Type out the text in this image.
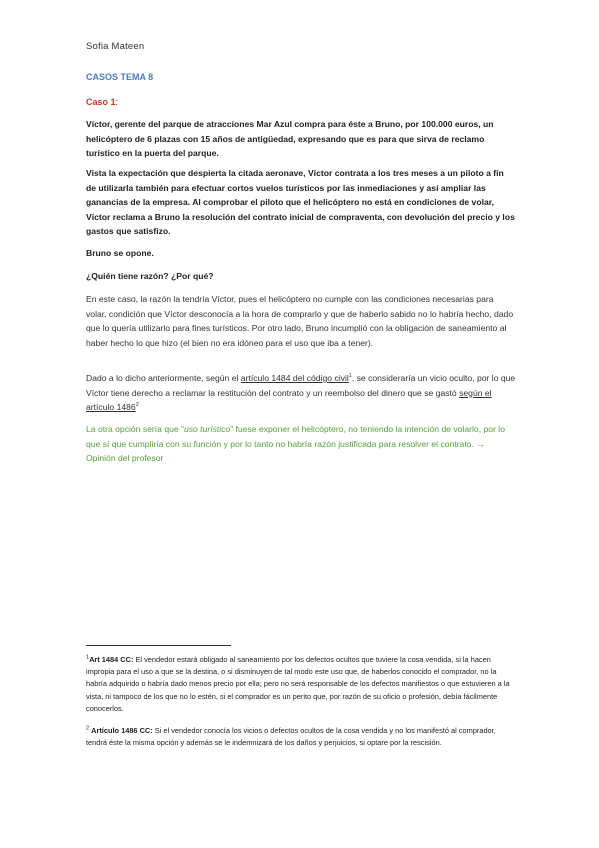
Sofia Mateen
CASOS TEMA 8
Caso 1:
Víctor, gerente del parque de atracciones Mar Azul compra para éste a Bruno, por 100.000 euros, un helicóptero de 6 plazas con 15 años de antigüedad, expresando que es para que sirva de reclamo turístico en la puerta del parque.
Vista la expectación que despierta la citada aeronave, Víctor contrata a los tres meses a un piloto a fin de utilizarla también para efectuar cortos vuelos turísticos por las inmediaciones y así ampliar las ganancias de la empresa. Al comprobar el piloto que el helicóptero no está en condiciones de volar, Víctor reclama a Bruno la resolución del contrato inicial de compraventa, con devolución del precio y los gastos que satisfizo.
Bruno se opone.
¿Quién tiene razón? ¿Por qué?
En este caso, la razón la tendría Víctor, pues el helicóptero no cumple con las condiciones necesarias para volar, condición que Víctor desconocía a la hora de comprarlo y que de haberlo sabido no lo habría hecho, dado que lo quería utilizarlo para fines turísticos. Por otro lado, Bruno incumplió con la obligación de saneamiento al haber hecho lo que hizo (el bien no era idóneo para el uso que iba a tener).
Dado a lo dicho anteriormente, según el artículo 1484 del código civil$^1$, se consideraría un vicio oculto, por lo que Víctor tiene derecho a reclamar la restitución del contrato y un reembolso del dinero que se gastó según el artículo 1486$^2$
La otra opción sería que “uso turístico” fuese exponer el helicóptero, no teniendo la intención de volarlo, por lo que sí que cumpliría con su función y por lo tanto no habría razón justificada para resolver el contrato. → Opinión del profesor
$^1$Art 1484 CC: El vendedor estará obligado al saneamiento por los defectos ocultos que tuviere la cosa vendida, si la hacen impropia para el uso a que se la destina, o si disminuyen de tal modo este uso que, de haberlos conocido el comprador, no la habría adquirido o habría dado menos precio por ella; pero no será responsable de los defectos manifiestos o que estuvieren a la vista, ni tampoco de los que no lo estén, si el comprador es un perito que, por razón de su oficio o profesión, debía fácilmente conocerlos.
$^2$ Artículo 1486 CC: Si el vendedor conocía los vicios o defectos ocultos de la cosa vendida y no los manifestó al comprador, tendrá éste la misma opción y además se le indemnizará de los daños y perjuicios, si optare por la rescisión.
